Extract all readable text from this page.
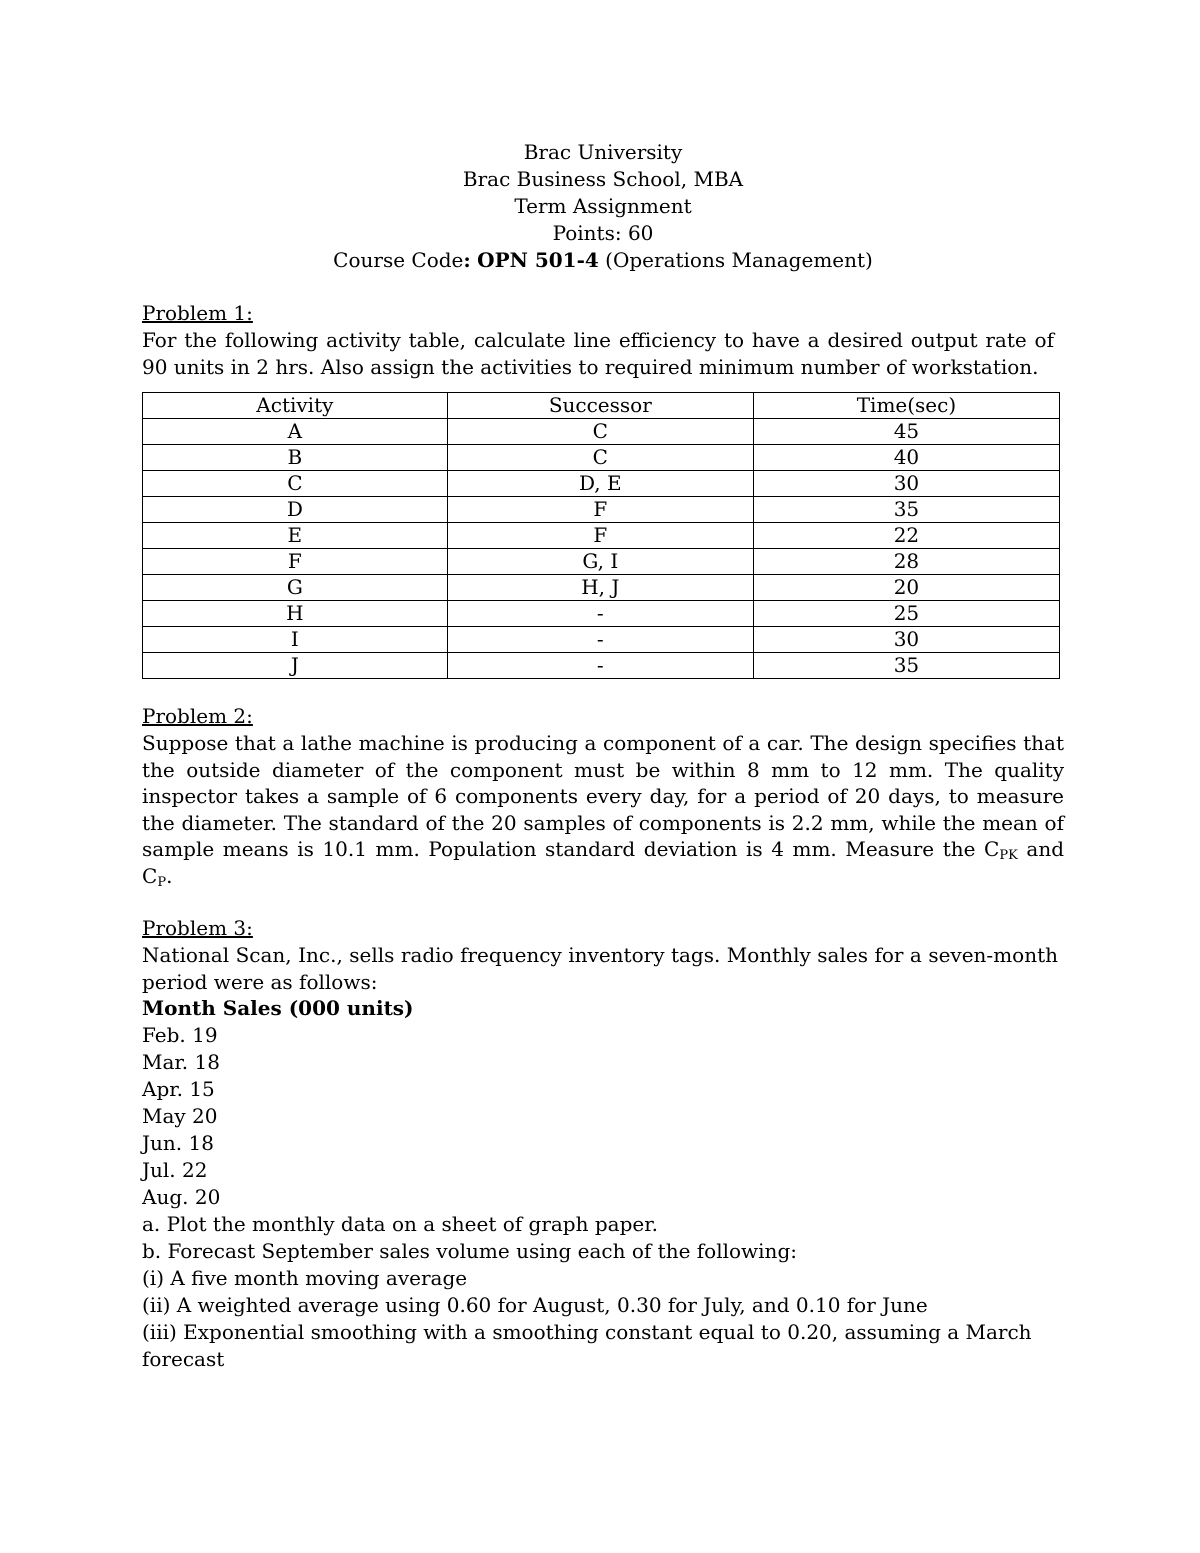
Brac University
Brac Business School, MBA
Term Assignment
Points: 60
Course Code: OPN 501-4 (Operations Management)
Problem 1:
For the following activity table, calculate line efficiency to have a desired output rate of 90 units in 2 hrs. Also assign the activities to required minimum number of workstation.
Activity	Successor	Time(sec)
A	C	45
B	C	40
C	D, E	30
D	F	35
E	F	22
F	G, I	28
G	H, J	20
H	-	25
I	-	30
J	-	35
Problem 2:
Suppose that a lathe machine is producing a component of a car. The design specifies that the outside diameter of the component must be within 8 mm to 12 mm. The quality inspector takes a sample of 6 components every day, for a period of 20 days, to measure the diameter. The standard of the 20 samples of components is 2.2 mm, while the mean of sample means is 10.1 mm. Population standard deviation is 4 mm. Measure the $C_{PK}$ and $C_P$.
Problem 3:
National Scan, Inc., sells radio frequency inventory tags. Monthly sales for a seven-month period were as follows:
Month Sales (000 units)
Feb. 19
Mar. 18
Apr. 15
May 20
Jun. 18
Jul. 22
Aug. 20
a. Plot the monthly data on a sheet of graph paper.
b. Forecast September sales volume using each of the following:
(i) A five month moving average
(ii) A weighted average using 0.60 for August, 0.30 for July, and 0.10 for June
(iii) Exponential smoothing with a smoothing constant equal to 0.20, assuming a March forecast
